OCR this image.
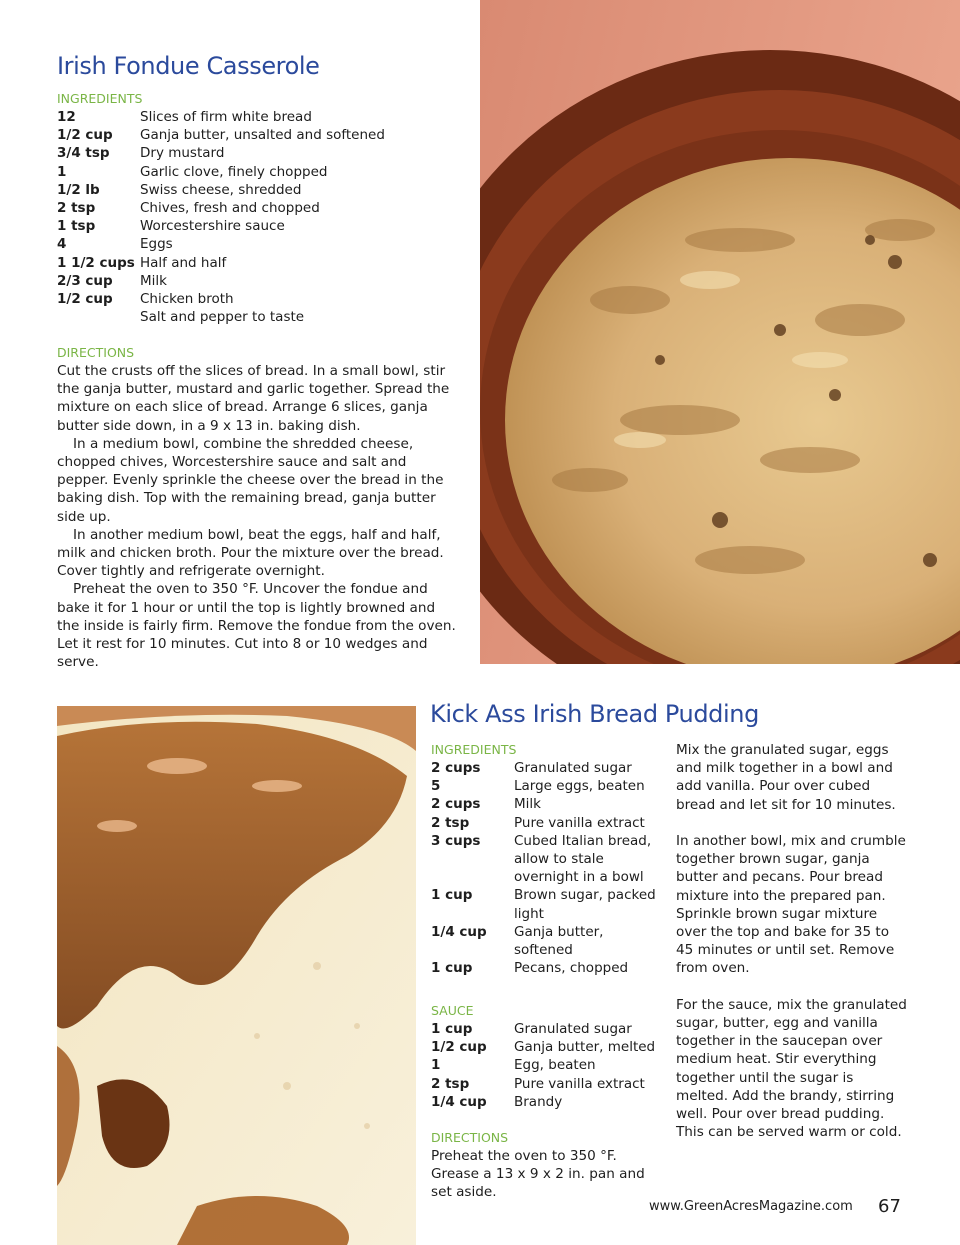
Irish Fondue Casserole
INGREDIENTS
12	Slices of firm white bread
1/2 cup Ganja butter, unsalted and softened
3/4 tsp Dry mustard
1	Garlic clove, finely chopped
1/2 lb	Swiss cheese, shredded
2 tsp	Chives, fresh and chopped
1 tsp	Worcestershire sauce
4	Eggs
1 1/2 cups Half and half
2/3 cup Milk
1/2 cup Chicken broth
Salt and pepper to taste
DIRECTIONS

Cut the crusts off the slices of bread. In a small bowl, stir the ganja butter, mustard and garlic together. Spread the mixture on each slice of bread. Arrange 6 slices, ganja butter side down, in a 9 x 13 in. baking dish.

In a medium bowl, combine the shredded cheese, chopped chives, Worcestershire sauce and salt and pepper. Evenly sprinkle the cheese over the bread in the baking dish. Top with the remaining bread, ganja butter side up.

In another medium bowl, beat the eggs, half and half, milk and chicken broth. Pour the mixture over the bread. Cover tightly and refrigerate overnight.

Preheat the oven to 350 °F. Uncover the fondue and bake it for 1 hour or until the top is lightly browned and the inside is fairly firm. Remove the fondue from the oven. Let it rest for 10 minutes. Cut into 8 or 10 wedges and serve.

Kick Ass Irish Bread Pudding
INGREDIENTS
2 cups Granulated sugar
5	Large eggs, beaten
2 cups Milk
2 tsp	Pure vanilla extract
3 cups Cubed Italian bread, allow to stale overnight in a bowl
1 cup	Brown sugar, packed light
1/4 cup Ganja butter, softened
1 cup	Pecans, chopped
SAUCE
1 cup	Granulated sugar
1/2 cup Ganja butter, melted
1	Egg, beaten
2 tsp	Pure vanilla extract
1/4 cup Brandy
DIRECTIONS
Preheat the oven to 350 °F. Grease a 13 x 9 x 2 in. pan and set aside.

Mix the granulated sugar, eggs and milk together in a bowl and add vanilla. Pour over cubed bread and let sit for 10 minutes.

In another bowl, mix and crumble together brown sugar, ganja butter and pecans. Pour bread mixture into the prepared pan. Sprinkle brown sugar mixture over the top and bake for 35 to 45 minutes or until set. Remove from oven.

For the sauce, mix the granulated sugar, butter, egg and vanilla together in the saucepan over medium heat. Stir everything together until the sugar is melted. Add the brandy, stirring well. Pour over bread pudding. This can be served warm or cold.

www.GreenAcresMagazine.com 67
